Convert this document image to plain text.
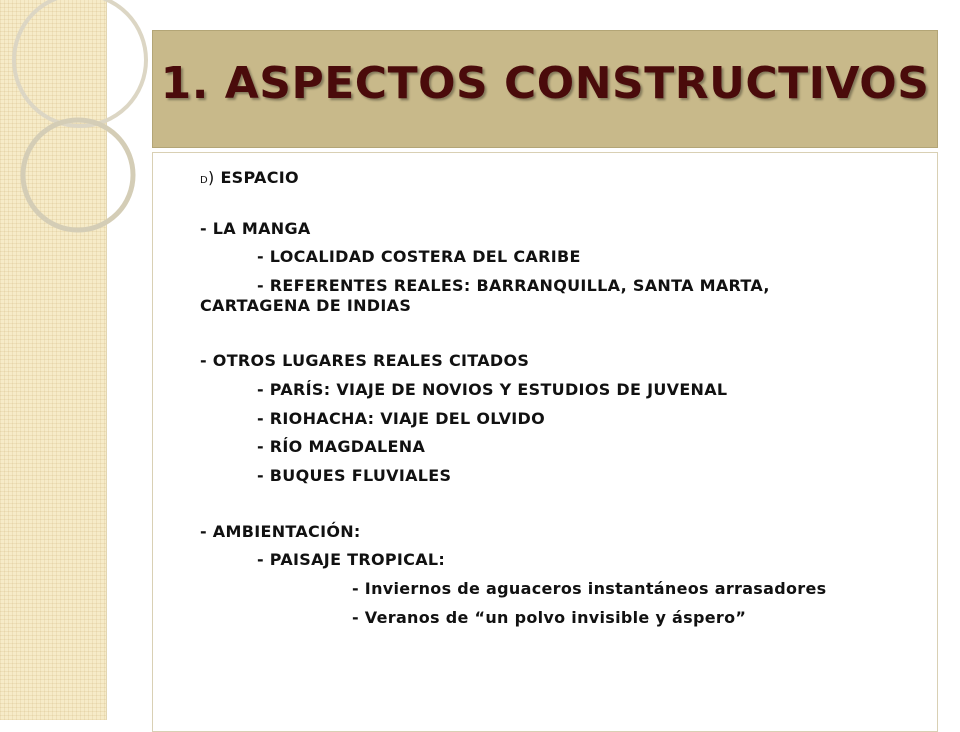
1. ASPECTOS CONSTRUCTIVOS
D) ESPACIO
- LA MANGA
- LOCALIDAD COSTERA DEL CARIBE
- REFERENTES REALES: BARRANQUILLA, SANTA MARTA,
CARTAGENA DE INDIAS
- OTROS LUGARES REALES CITADOS
- PARÍS: VIAJE DE NOVIOS Y ESTUDIOS DE JUVENAL
- RIOHACHA: VIAJE DEL OLVIDO
- RÍO MAGDALENA
- BUQUES FLUVIALES
- AMBIENTACIÓN:
- PAISAJE TROPICAL:
- Inviernos de aguaceros instantáneos arrasadores
- Veranos de “un polvo invisible y áspero”
